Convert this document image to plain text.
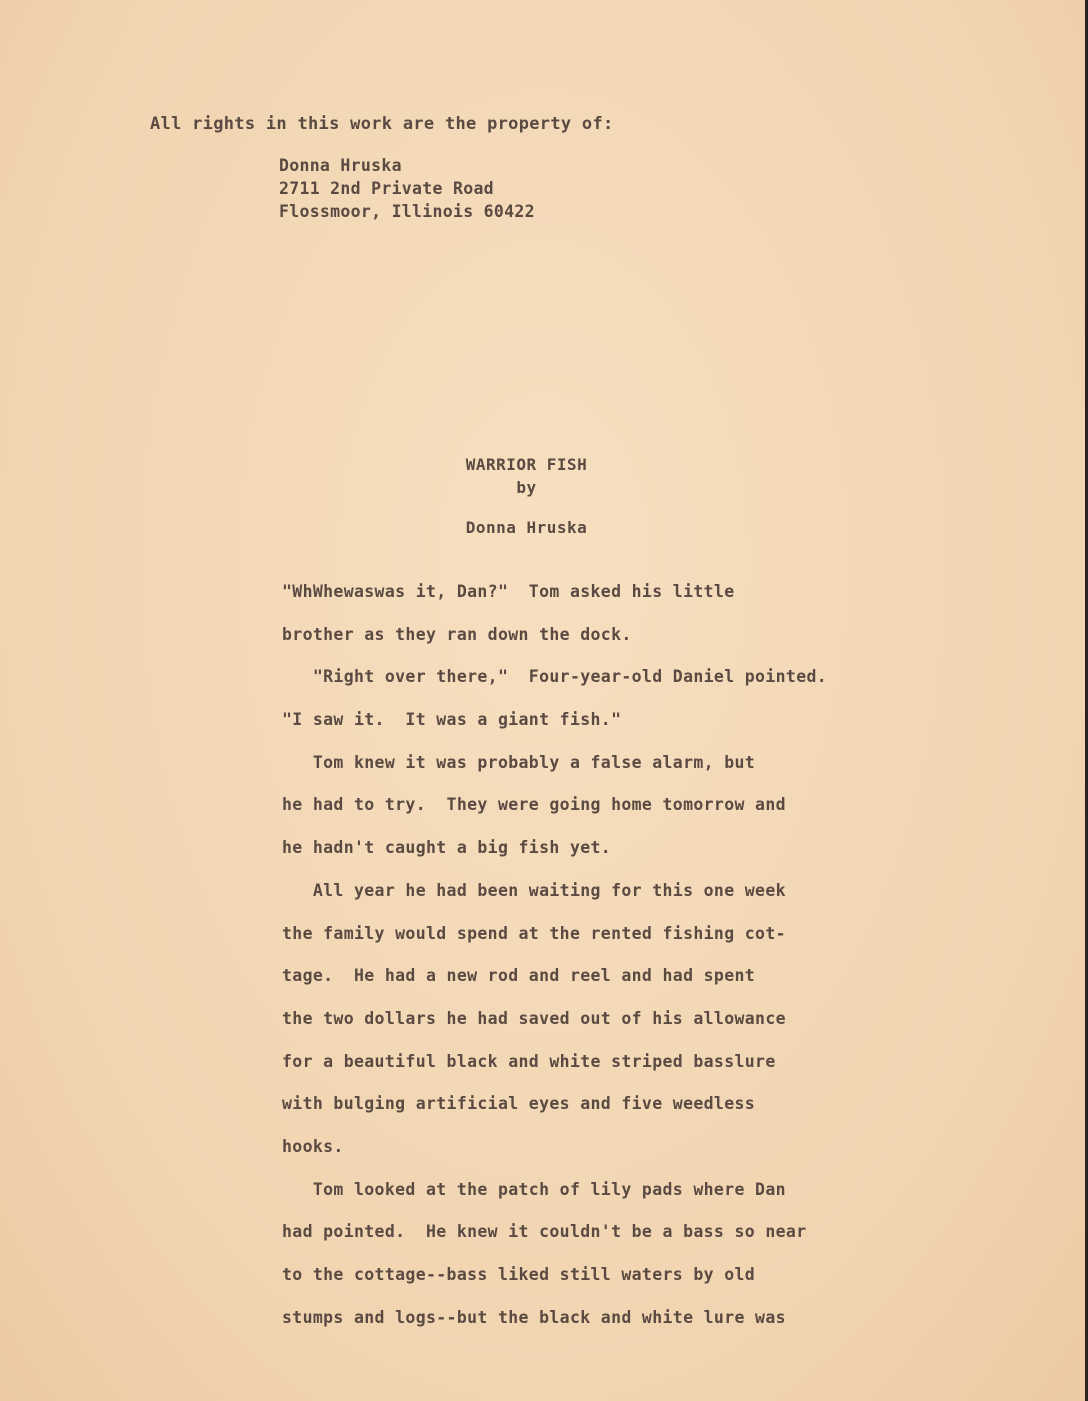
All rights in this work are the property of:
Donna Hruska
2711 2nd Private Road
Flossmoor, Illinois 60422
WARRIOR FISH
by
Donna Hruska
"WhWhewaswas it, Dan?"  Tom asked his little
brother as they ran down the dock.
"Right over there,"  Four-year-old Daniel pointed.
"I saw it.  It was a giant fish."
Tom knew it was probably a false alarm, but
he had to try.  They were going home tomorrow and
he hadn't caught a big fish yet.
All year he had been waiting for this one week
the family would spend at the rented fishing cot-
tage.  He had a new rod and reel and had spent
the two dollars he had saved out of his allowance
for a beautiful black and white striped basslure
with bulging artificial eyes and five weedless
hooks.
Tom looked at the patch of lily pads where Dan
had pointed.  He knew it couldn't be a bass so near
to the cottage--bass liked still waters by old
stumps and logs--but the black and white lure was
